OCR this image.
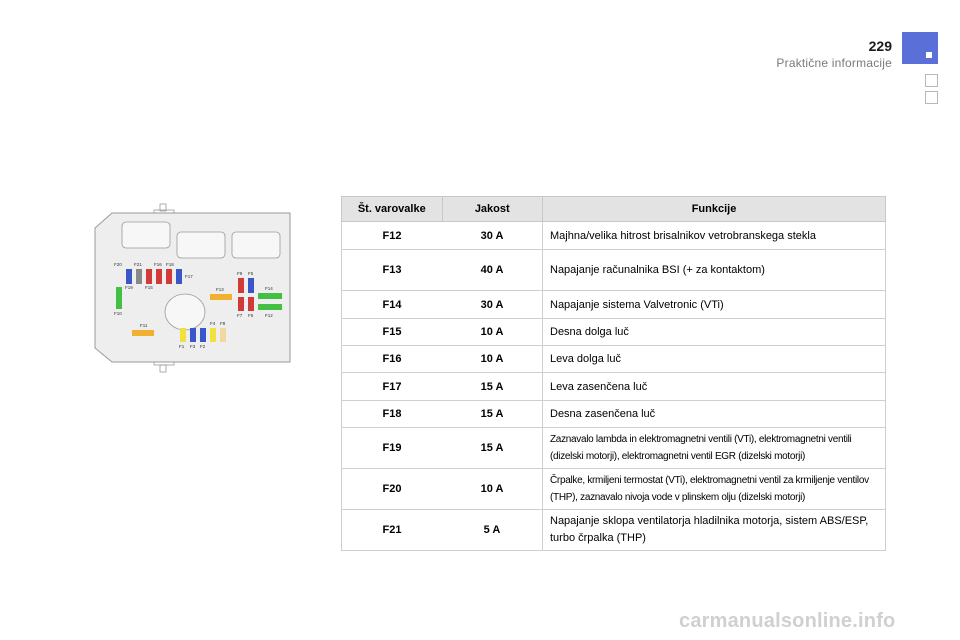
229
Praktične informacije
F20	F21	F16 F18
F17
F19	F15	F13
F9 F5
F14
F10	F7 F6	F12
F11	F4 F8
F1 F3 F2
Št. varovalke	Jakost	Funkcije
F12	30 A	Majhna/velika hitrost brisalnikov vetrobranskega stekla
F13	40 A	Napajanje računalnika BSI (+ za kontaktom)
F14	30 A	Napajanje sistema Valvetronic (VTi)
F15	10 A	Desna dolga luč
F16	10 A	Leva dolga luč
F17	15 A	Leva zasenčena luč
F18	15 A	Desna zasenčena luč
F19	15 A	Zaznavalo lambda in elektromagnetni ventili (VTi), elektromagnetni ventili (dizelski motorji), elektromagnetni ventil EGR (dizelski motorji)
F20	10 A	Črpalke, krmiljeni termostat (VTi), elektromagnetni ventil za krmiljenje ventilov (THP), zaznavalo nivoja vode v plinskem olju (dizelski motorji)
F21	5 A	Napajanje sklopa ventilatorja hladilnika motorja, sistem ABS/ESP, turbo črpalka (THP)
carmanualsonline.info
